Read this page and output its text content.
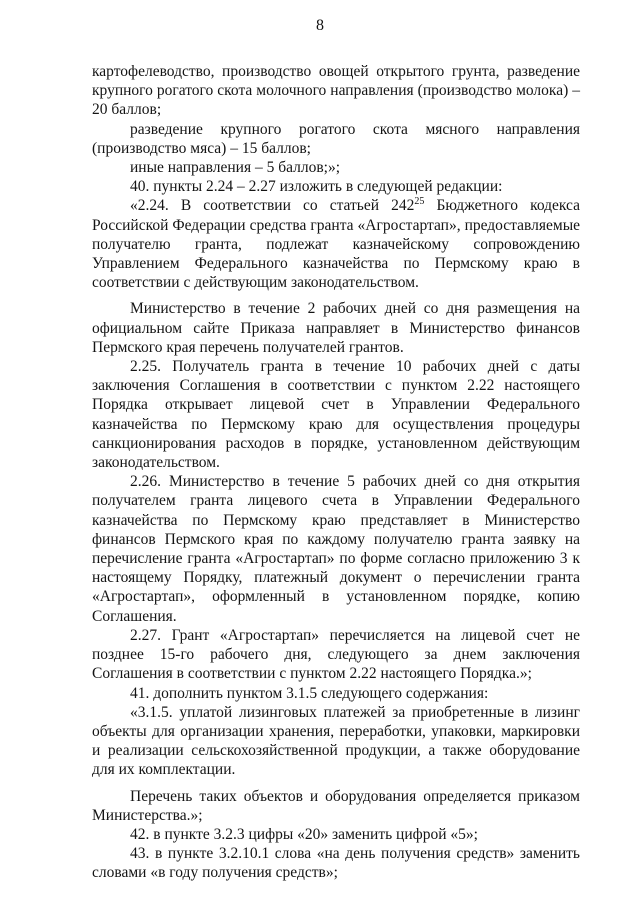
8

картофелеводство, производство овощей открытого грунта, разведение крупного рогатого скота молочного направления (производство молока) – 20 баллов;

разведение крупного рогатого скота мясного направления (производство мяса) – 15 баллов;

иные направления – 5 баллов;»;

40. пункты 2.24 – 2.27 изложить в следующей редакции:

«2.24. В соответствии со статьей $242^{25}$ Бюджетного кодекса Российской Федерации средства гранта «Агростартап», предоставляемые получателю гранта, подлежат казначейскому сопровождению Управлением Федерального казначейства по Пермскому краю в соответствии с действующим законодательством.

Министерство в течение 2 рабочих дней со дня размещения на официальном сайте Приказа направляет в Министерство финансов Пермского края перечень получателей грантов.

2.25. Получатель гранта в течение 10 рабочих дней с даты заключения Соглашения в соответствии с пунктом 2.22 настоящего Порядка открывает лицевой счет в Управлении Федерального казначейства по Пермскому краю для осуществления процедуры санкционирования расходов в порядке, установленном действующим законодательством.

2.26. Министерство в течение 5 рабочих дней со дня открытия получателем гранта лицевого счета в Управлении Федерального казначейства по Пермскому краю представляет в Министерство финансов Пермского края по каждому получателю гранта заявку на перечисление гранта «Агростартап» по форме согласно приложению 3 к настоящему Порядку, платежный документ о перечислении гранта «Агростартап», оформленный в установленном порядке, копию Соглашения.

2.27. Грант «Агростартап» перечисляется на лицевой счет не позднее 15-го рабочего дня, следующего за днем заключения Соглашения в соответствии с пунктом 2.22 настоящего Порядка.»;

41. дополнить пунктом 3.1.5 следующего содержания:

«3.1.5. уплатой лизинговых платежей за приобретенные в лизинг объекты для организации хранения, переработки, упаковки, маркировки и реализации сельскохозяйственной продукции, а также оборудование для их комплектации.

Перечень таких объектов и оборудования определяется приказом Министерства.»;

42. в пункте 3.2.3 цифры «20» заменить цифрой «5»;

43. в пункте 3.2.10.1 слова «на день получения средств» заменить словами «в году получения средств»;
